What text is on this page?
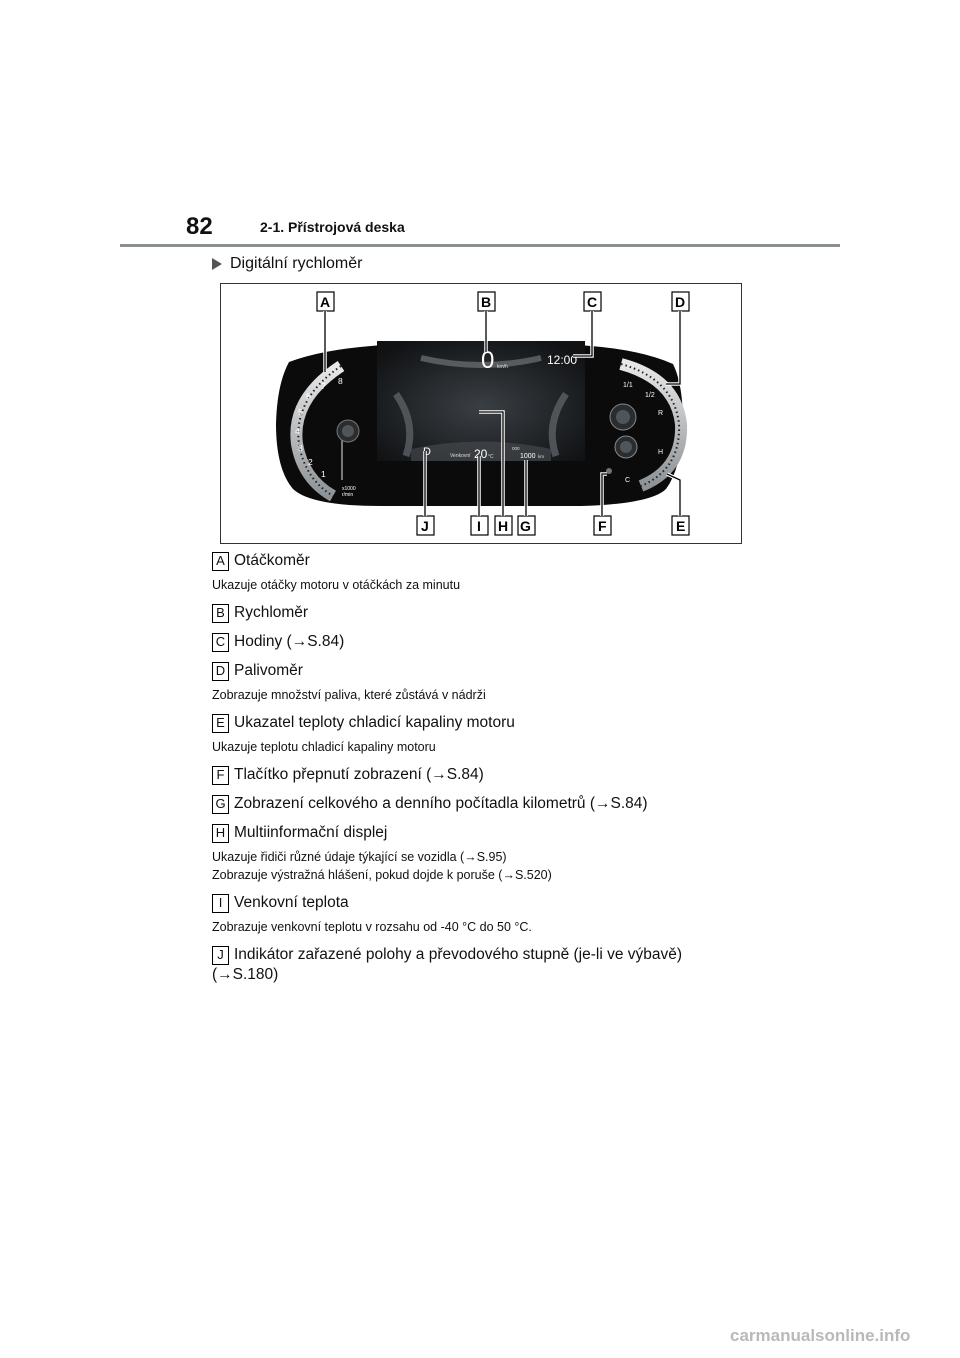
82	2-1. Přístrojová deska
Digitální rychloměr
1
2
3
4
5
6
7 8
x1000
r/min
0 km/h	12:00
D	Venkovní 20 °C
000
1000 km
1/1
1/2
R
H
C
A	B	C	D
J	I H G	F	E
A Otáčkoměr
Ukazuje otáčky motoru v otáčkách za minutu
B Rychloměr
C Hodiny (→S.84)
D Palivoměr
Zobrazuje množství paliva, které zůstává v nádrži
E Ukazatel teploty chladicí kapaliny motoru
Ukazuje teplotu chladicí kapaliny motoru
F Tlačítko přepnutí zobrazení (→S.84)
G Zobrazení celkového a denního počítadla kilometrů (→S.84)
H Multiinformační displej
Ukazuje řidiči různé údaje týkající se vozidla (→S.95)
Zobrazuje výstražná hlášení, pokud dojde k poruše (→S.520)
I Venkovní teplota
Zobrazuje venkovní teplotu v rozsahu od -40 °C do 50 °C.
J Indikátor zařazené polohy a převodového stupně (je-li ve výbavě)
(→S.180)
carmanualsonline.info
